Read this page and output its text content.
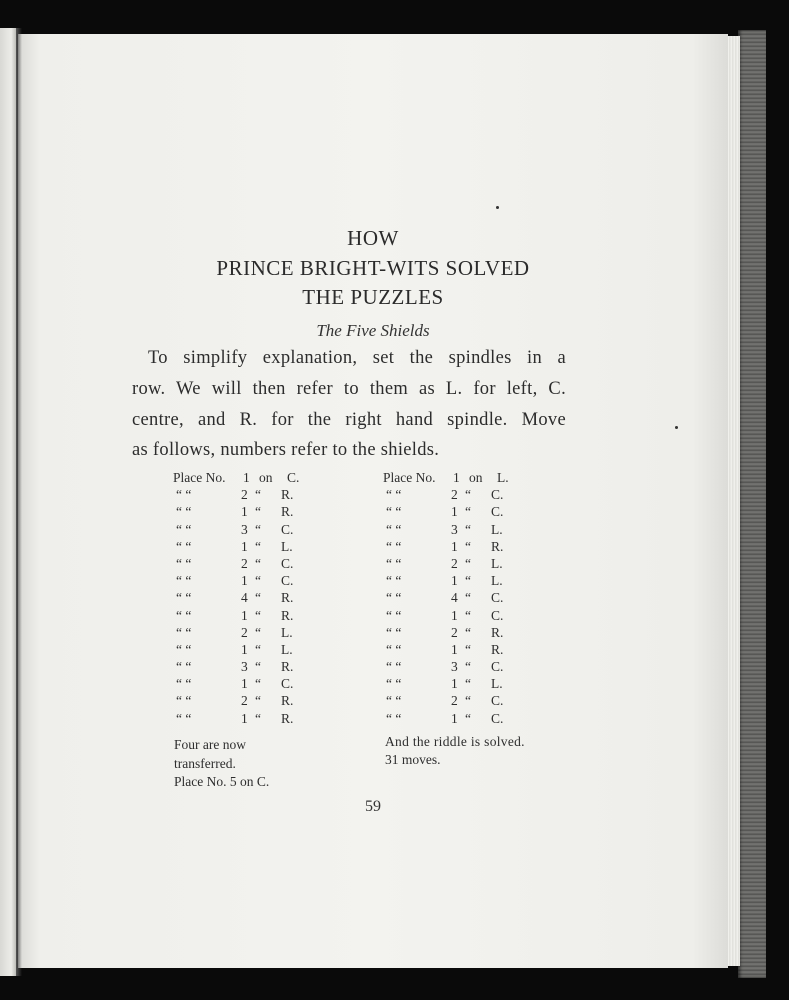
HOW
PRINCE BRIGHT-WITS SOLVED
THE PUZZLES
The Five Shields
To simplify explanation, set the spindles in a
row. We will then refer to them as L. for left, C.
centre, and R. for the right hand spindle. Move
as follows, numbers refer to the shields.
Place No. 1 on C.
“ “	2 “ R.
“ “	1 “ R.
“ “	3 “ C.
“ “	1 “ L.
“ “	2 “ C.
“ “	1 “ C.
“ “	4 “ R.
“ “	1 “ R.
“ “	2 “ L.
“ “	1 “ L.
“ “	3 “ R.
“ “	1 “ C.
“ “	2 “ R.
“ “	1 “ R.
Place No. 1 on L.
“ “	2 “ C.
“ “	1 “ C.
“ “	3 “ L.
“ “	1 “ R.
“ “	2 “ L.
“ “	1 “ L.
“ “	4 “ C.
“ “	1 “ C.
“ “	2 “ R.
“ “	1 “ R.
“ “	3 “ C.
“ “	1 “ L.
“ “	2 “ C.
“ “	1 “ C.
Four are now
transferred.
Place No. 5 on C.
And the riddle is solved.
31 moves.
59
